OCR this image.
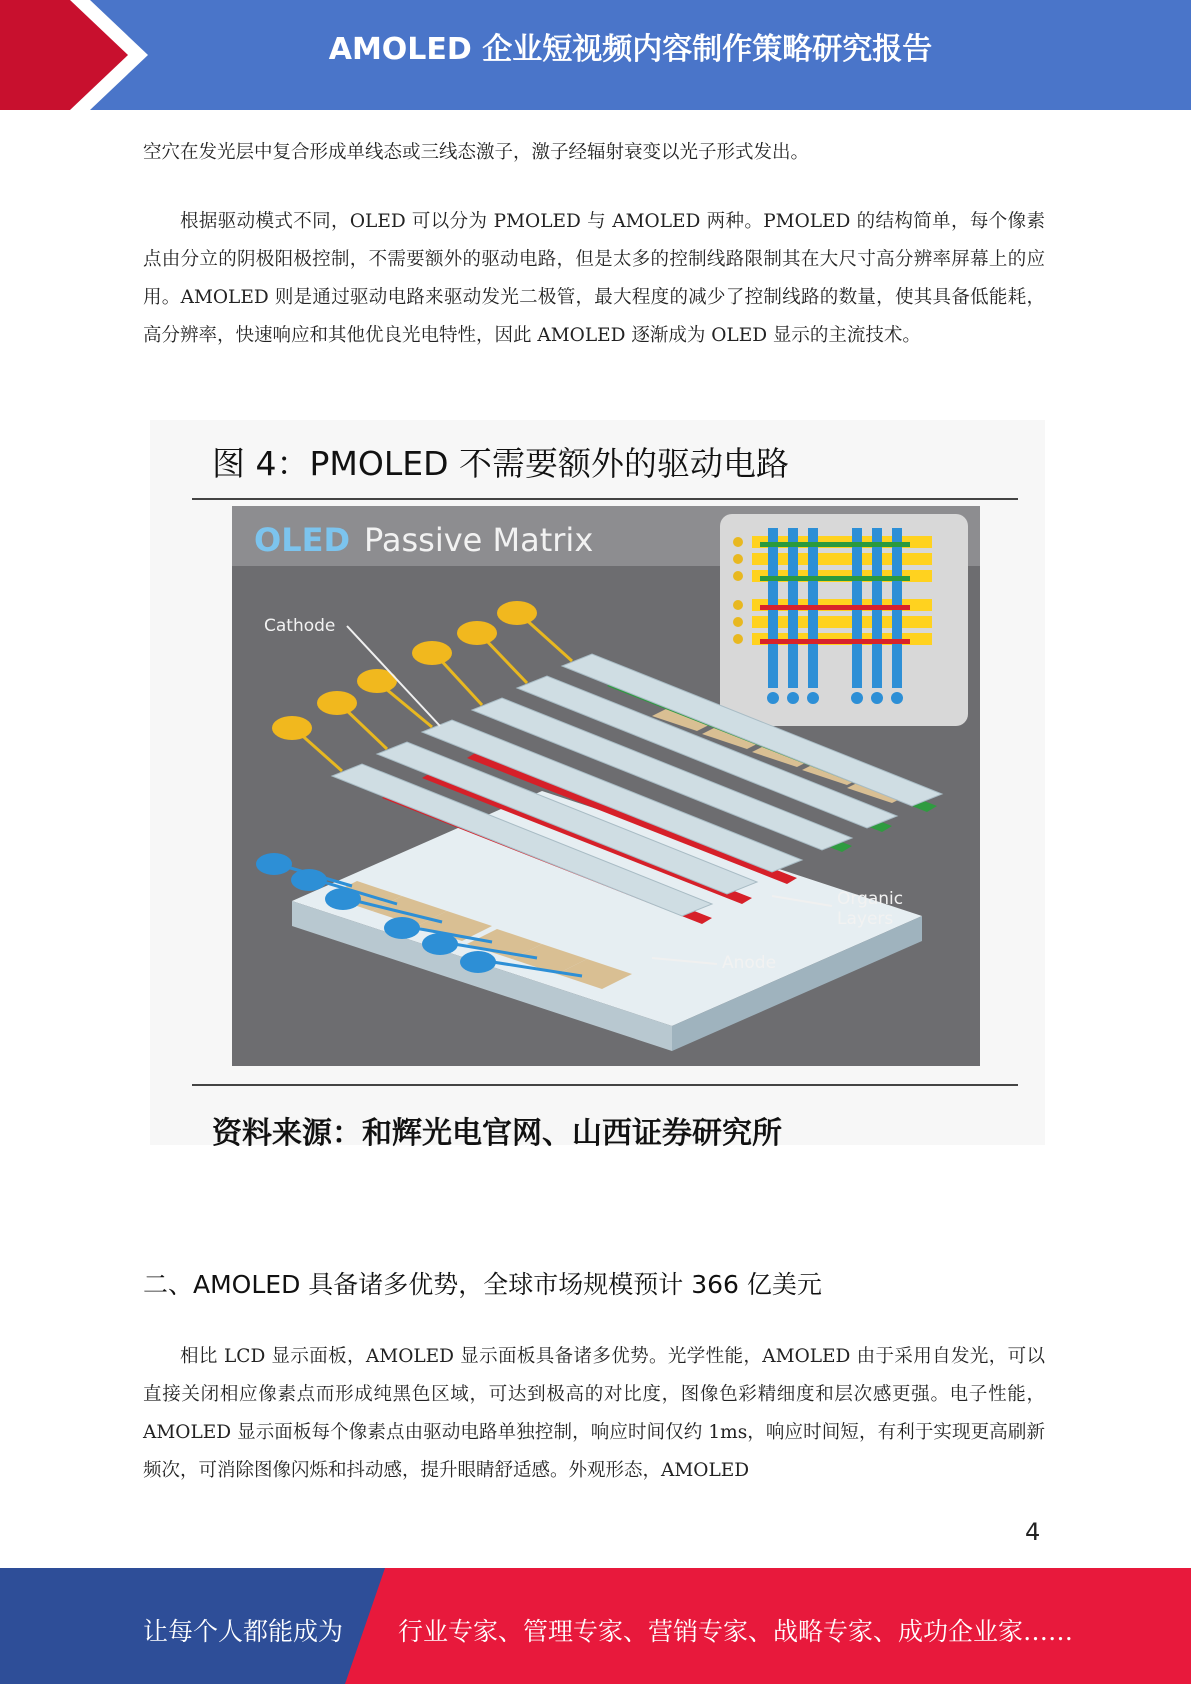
AMOLED 企业短视频内容制作策略研究报告

空穴在发光层中复合形成单线态或三线态激子，激子经辐射衰变以光子形式发出。

根据驱动模式不同，OLED 可以分为 PMOLED 与 AMOLED 两种。PMOLED 的结构简单，每个像素点由分立的阴极阳极控制，不需要额外的驱动电路，但是太多的控制线路限制其在大尺寸高分辨率屏幕上的应用。AMOLED 则是通过驱动电路来驱动发光二极管，最大程度的减少了控制线路的数量，使其具备低能耗，高分辨率，快速响应和其他优良光电特性，因此 AMOLED 逐渐成为 OLED 显示的主流技术。

图 4：PMOLED 不需要额外的驱动电路
OLED Passive Matrix
Cathode
Organic
Layers
Anode
资料来源：和辉光电官网、山西证券研究所
二、AMOLED 具备诸多优势，全球市场规模预计 366 亿美元

相比 LCD 显示面板，AMOLED 显示面板具备诸多优势。光学性能，AMOLED 由于采用自发光，可以直接关闭相应像素点而形成纯黑色区域，可达到极高的对比度，图像色彩精细度和层次感更强。电子性能，AMOLED 显示面板每个像素点由驱动电路单独控制，响应时间仅约 1ms，响应时间短，有利于实现更高刷新频次，可消除图像闪烁和抖动感，提升眼睛舒适感。外观形态，AMOLED

4
让每个人都能成为 行业专家、管理专家、营销专家、战略专家、成功企业家……
